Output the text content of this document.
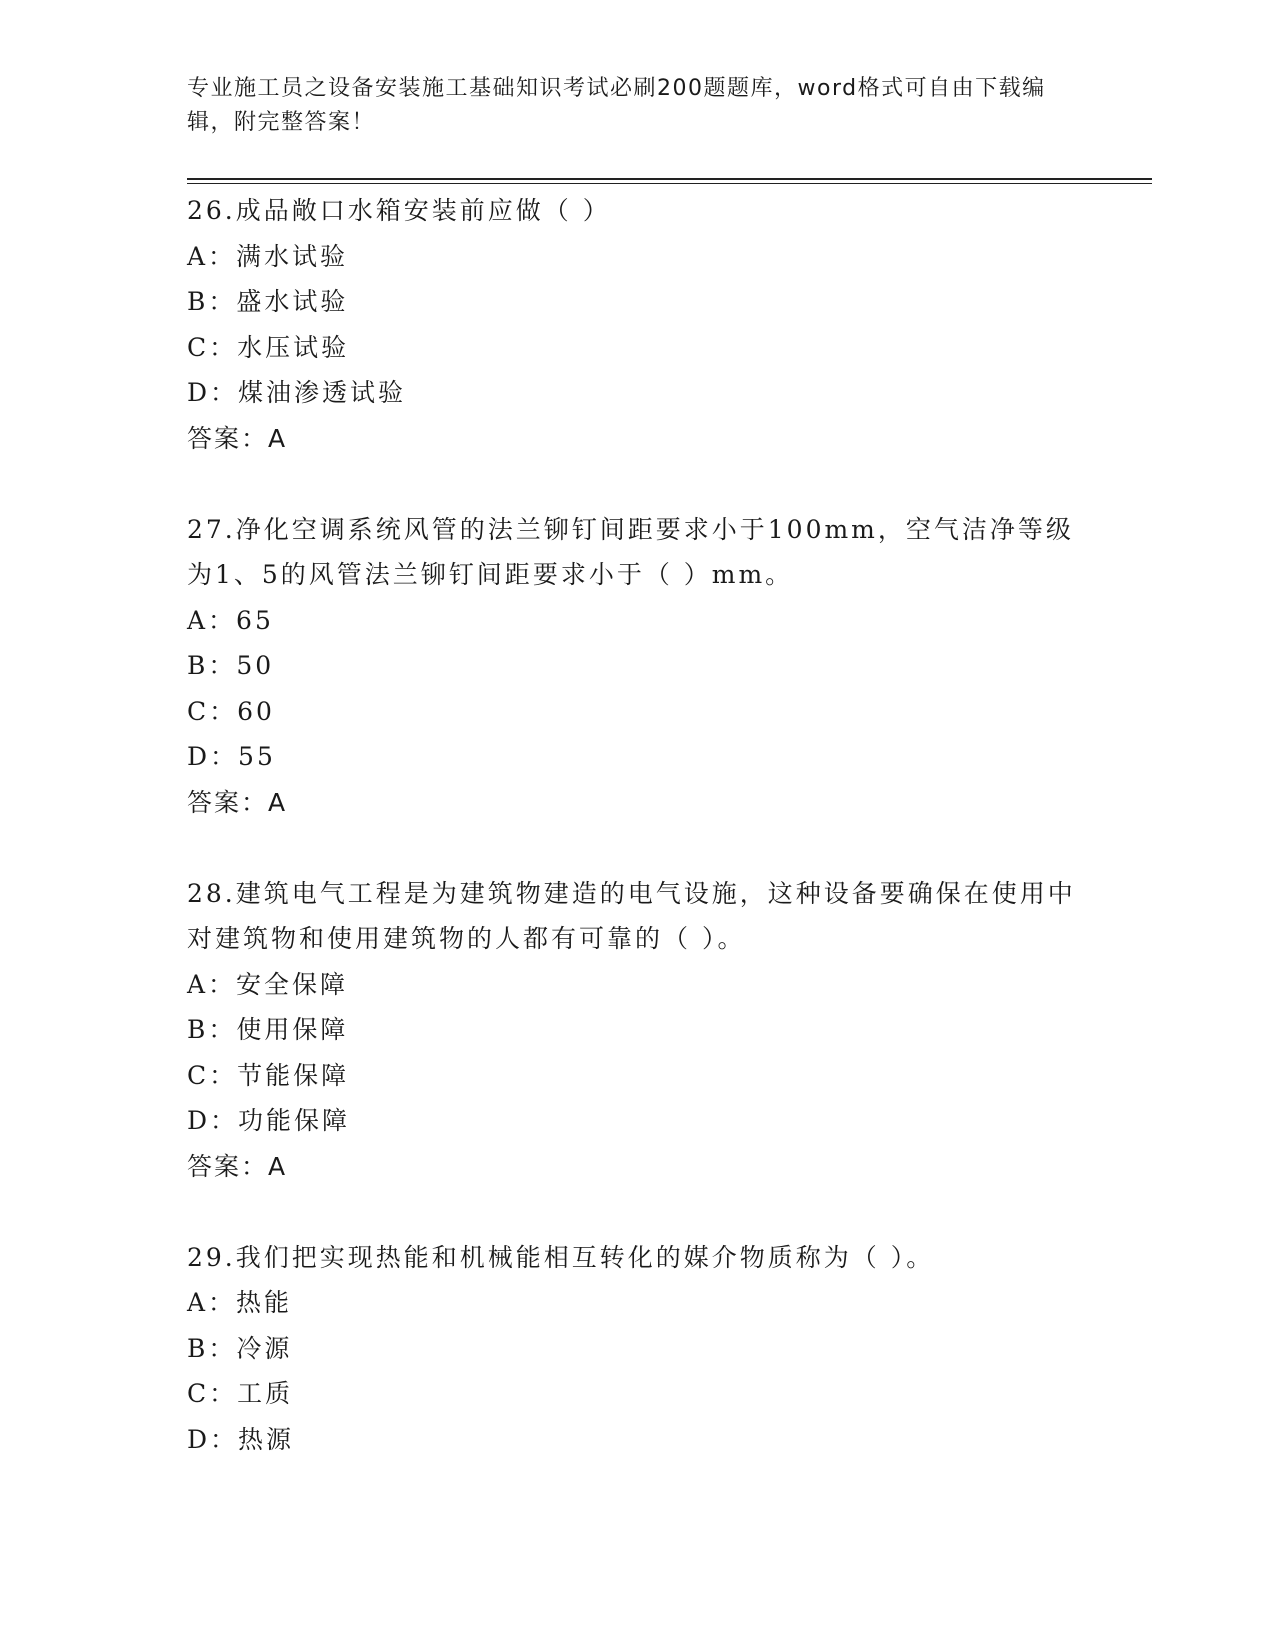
专业施工员之设备安装施工基础知识考试必刷200题题库，word格式可自由下载编辑，附完整答案！

26.成品敞口水箱安装前应做（ ）

A：满水试验

B：盛水试验

C：水压试验

D：煤油渗透试验

答案：A

27.净化空调系统风管的法兰铆钉间距要求小于100mm，空气洁净等级为1、5的风管法兰铆钉间距要求小于（ ）mm。

A：65

B：50

C：60

D：55

答案：A

28.建筑电气工程是为建筑物建造的电气设施，这种设备要确保在使用中对建筑物和使用建筑物的人都有可靠的（ ）。

A：安全保障

B：使用保障

C：节能保障

D：功能保障

答案：A

29.我们把实现热能和机械能相互转化的媒介物质称为（ ）。

A：热能

B：冷源

C：工质

D：热源
